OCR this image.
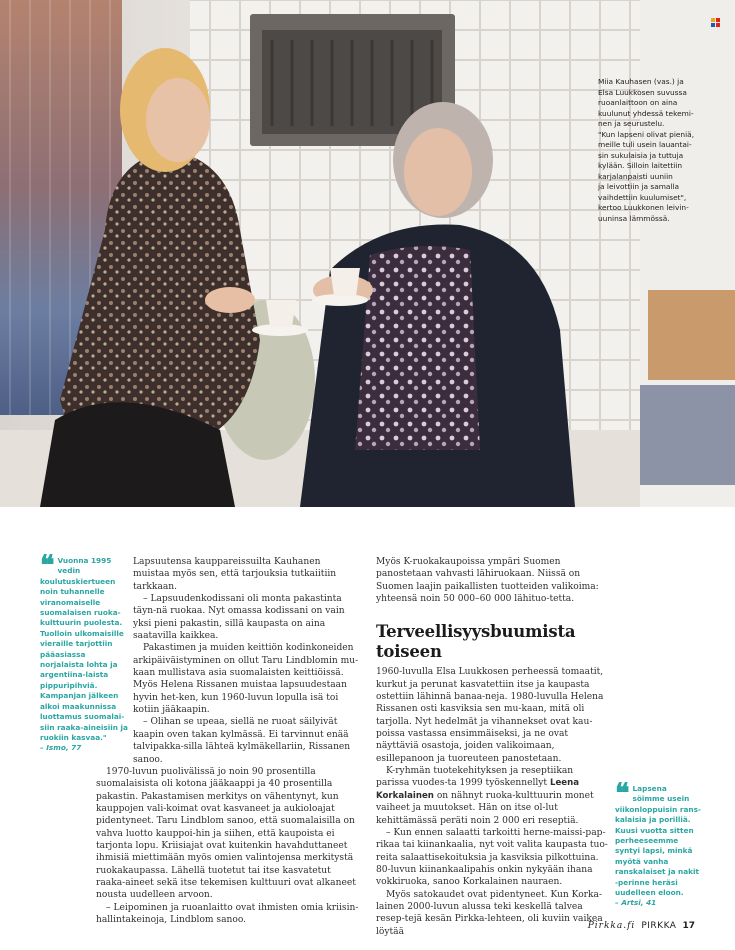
Miia Kauhasen (vas.) ja

Elsa Luukkosen suvussa

ruoanlaittoon on aina

kuulunut yhdessä tekemi-

nen ja seurustelu.

"Kun lapseni olivat pieniä,

meille tuli usein lauantai-

sin sukulaisia ja tuttuja

kylään. Silloin laitettiin

karjalanpaisti uuniin

ja leivottiin ja samalla

vaihdettiin kuulumiset",

kertoo Luukkonen leivin-

uuninsa lämmössä.

❝ Vuonna 1995 vedin koulutuskiertueen noin tuhannelle viranomaiselle suomalaisen ruoka-kulttuurin puolesta. Tuolloin ulkomaisille vieraille tarjottiin pääasiassa norjalaista lohta ja argentiina-laista pippuripihviä. Kampanjan jälkeen alkoi maakunnissa luottamus suomalai-siin raaka-aineisiin ja ruokiin kasvaa."
– Ismo, 77

Lapsuutensa kauppareissuilta Kauhanen muistaa myös sen, että tarjouksia tutkaiitiin tarkkaan.

– Lapsuudenkodissani oli monta pakastinta täyn-nä ruokaa. Nyt omassa kodissani on vain yksi pieni pakastin, sillä kaupasta on aina saatavilla kaikkea.

Pakastimen ja muiden keittiön kodinkoneiden arkipäiväistyminen on ollut Taru Lindblomin mu-kaan mullistava asia suomalaisten keittiöissä. Myös Helena Rissanen muistaa lapsuudestaan hyvin het-ken, kun 1960-luvun lopulla isä toi kotiin jääkaapin.

– Olihan se upeaa, siellä ne ruoat säilyivät kaapin oven takan kylmässä. Ei tarvinnut enää talvipakka-silla lähteä kylmäkellariin, Rissanen sanoo.

1970-luvun puolivälissä jo noin 90 prosentilla suomalaisista oli kotona jääkaappi ja 40 prosentilla pakastin. Pakastamisen merkitys on vähentynyt, kun kauppojen vali-koimat ovat kasvaneet ja aukioloajat pidentyneet. Taru Lindblom sanoo, että suomalaisilla on vahva luotto kauppoi-hin ja siihen, että kaupoista ei tarjonta lopu. Kriisiajat ovat kuitenkin havahduttaneet ihmisiä miettimään myös omien valintojensa merkitystä ruokakaupassa. Lähellä tuotetut tai itse kasvatetut raaka-aineet sekä itse tekemisen kulttuuri ovat alkaneet nousta uudelleen arvoon.

– Leipominen ja ruoanlaitto ovat ihmisten omia kriisin-hallintakeinoja, Lindblom sanoo.

Myös K-ruokakaupoissa ympäri Suomen panostetaan vahvasti lähiruokaan. Niissä on Suomen laajin paikallisten tuotteiden valikoima: yhteensä noin 50 000–60 000 lähituo-tetta.

Terveellisyysbuumista toiseen

1960-luvulla Elsa Luukkosen perheessä tomaatit, kurkut ja perunat kasvatettiin itse ja kaupasta ostettiin lähinnä banaa-neja. 1980-luvulla Helena Rissanen osti kasviksia sen mu-kaan, mitä oli tarjolla. Nyt hedelmät ja vihannekset ovat kau-poissa vastassa ensimmäiseksi, ja ne ovat näyttäviä osastoja, joiden valikoimaan, esillepanoon ja tuoreuteen panostetaan.

K-ryhmän tuotekehityksen ja reseptiikan parissa vuodes-ta 1999 työskennellyt Leena Korkalainen on nähnyt ruoka-kulttuurin monet vaiheet ja muutokset. Hän on itse ol-lut kehittämässä peräti noin 2 000 eri reseptiä.

– Kun ennen salaatti tarkoitti herne-maissi-pap-rikaa tai kiinankaalia, nyt voit valita kaupasta tuo-reita salaattisekoituksia ja kasviksia pilkottuina. 80-luvun kiinankaalipahis onkin nykyään ihana vokkiruoka, sanoo Korkalainen nauraen.

Myös satokaudet ovat pidentyneet. Kun Korka-lainen 2000-luvun alussa teki keskellä talvea resep-tejä kesän Pirkka-lehteen, oli kuviin vaikea löytää

❝ Lapsena söimme usein viikonloppuisin rans-kalaisia ja porilliä. Kuusi vuotta sitten perheeseemme syntyi lapsi, minkä myötä vanha ranskalaiset ja nakit -perinne heräsi uudelleen eloon.
– Artsi, 41
Pirkka.fi PIRKKA 17
